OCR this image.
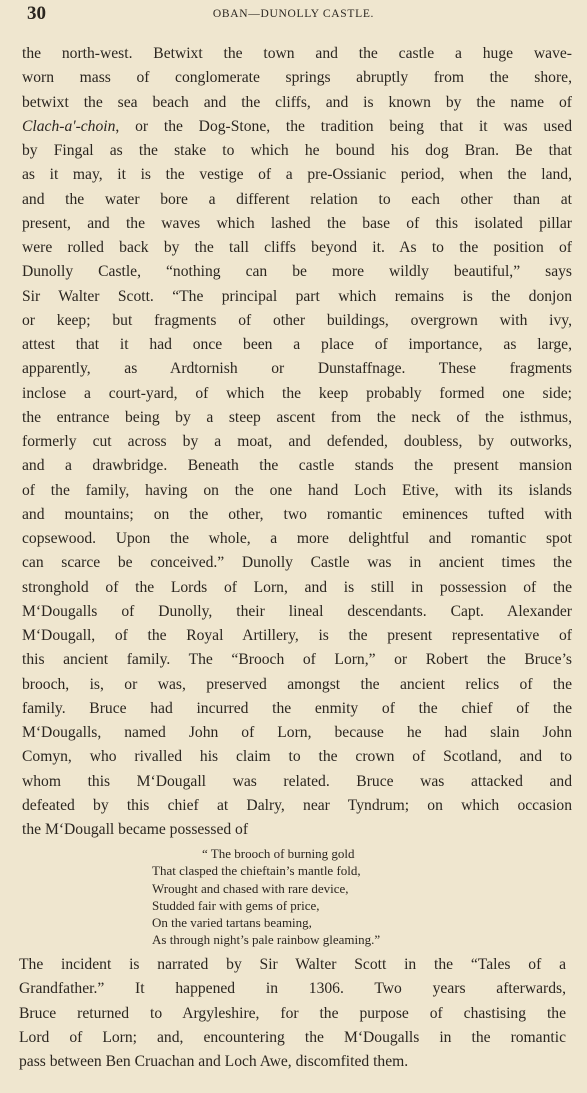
30	OBAN—DUNOLLY CASTLE.
the north-west. Betwixt the town and the castle a huge wave-
worn mass of conglomerate springs abruptly from the shore,
betwixt the sea beach and the cliffs, and is known by the name of
Clach-a'-choin, or the Dog-Stone, the tradition being that it was used
by Fingal as the stake to which he bound his dog Bran. Be that
as it may, it is the vestige of a pre-Ossianic period, when the land,
and the water bore a different relation to each other than at
present, and the waves which lashed the base of this isolated pillar
were rolled back by the tall cliffs beyond it. As to the position of
Dunolly Castle, “nothing can be more wildly beautiful,” says
Sir Walter Scott. “The principal part which remains is the donjon
or keep; but fragments of other buildings, overgrown with ivy,
attest that it had once been a place of importance, as large,
apparently, as Ardtornish or Dunstaffnage. These fragments
inclose a court-yard, of which the keep probably formed one side;
the entrance being by a steep ascent from the neck of the isthmus,
formerly cut across by a moat, and defended, doubless, by outworks,
and a drawbridge. Beneath the castle stands the present mansion
of the family, having on the one hand Loch Etive, with its islands
and mountains; on the other, two romantic eminences tufted with
copsewood. Upon the whole, a more delightful and romantic spot
can scarce be conceived.” Dunolly Castle was in ancient times the
stronghold of the Lords of Lorn, and is still in possession of the
M‘Dougalls of Dunolly, their lineal descendants. Capt. Alexander
M‘Dougall, of the Royal Artillery, is the present representative of
this ancient family. The “Brooch of Lorn,” or Robert the Bruce’s
brooch, is, or was, preserved amongst the ancient relics of the
family. Bruce had incurred the enmity of the chief of the
M‘Dougalls, named John of Lorn, because he had slain John
Comyn, who rivalled his claim to the crown of Scotland, and to
whom this M‘Dougall was related. Bruce was attacked and
defeated by this chief at Dalry, near Tyndrum; on which occasion
the M‘Dougall became possessed of
“ The brooch of burning gold
That clasped the chieftain’s mantle fold,
Wrought and chased with rare device,
Studded fair with gems of price,
On the varied tartans beaming,
As through night’s pale rainbow gleaming.”
The incident is narrated by Sir Walter Scott in the “Tales of a
Grandfather.” It happened in 1306. Two years afterwards,
Bruce returned to Argyleshire, for the purpose of chastising the
Lord of Lorn; and, encountering the M‘Dougalls in the romantic
pass between Ben Cruachan and Loch Awe, discomfited them.
